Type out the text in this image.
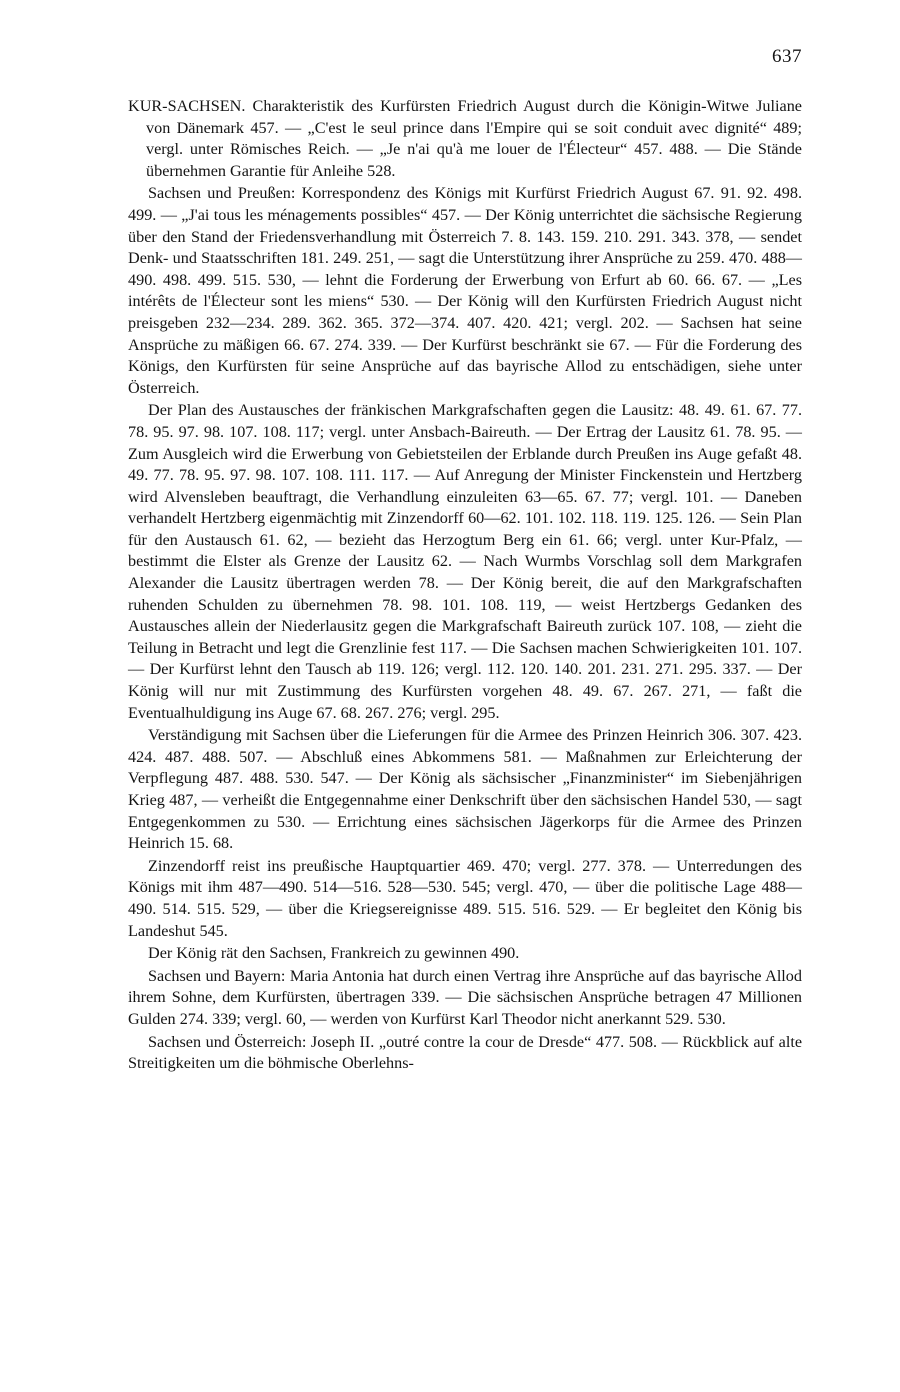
637

KUR-SACHSEN. Charakteristik des Kurfürsten Friedrich August durch die Königin-Witwe Juliane von Dänemark 457. — „C'est le seul prince dans l'Empire qui se soit conduit avec dignité“ 489; vergl. unter Römisches Reich. — „Je n'ai qu'à me louer de l'Électeur“ 457. 488. — Die Stände übernehmen Garantie für Anleihe 528.

Sachsen und Preußen: Korrespondenz des Königs mit Kurfürst Friedrich August 67. 91. 92. 498. 499. — „J'ai tous les ménagements possibles“ 457. — Der König unterrichtet die sächsische Regierung über den Stand der Friedensverhandlung mit Österreich 7. 8. 143. 159. 210. 291. 343. 378, — sendet Denk- und Staatsschriften 181. 249. 251, — sagt die Unterstützung ihrer Ansprüche zu 259. 470. 488—490. 498. 499. 515. 530, — lehnt die Forderung der Erwerbung von Erfurt ab 60. 66. 67. — „Les intérêts de l'Électeur sont les miens“ 530. — Der König will den Kurfürsten Friedrich August nicht preisgeben 232—234. 289. 362. 365. 372—374. 407. 420. 421; vergl. 202. — Sachsen hat seine Ansprüche zu mäßigen 66. 67. 274. 339. — Der Kurfürst beschränkt sie 67. — Für die Forderung des Königs, den Kurfürsten für seine Ansprüche auf das bayrische Allod zu entschädigen, siehe unter Österreich.

Der Plan des Austausches der fränkischen Markgrafschaften gegen die Lausitz: 48. 49. 61. 67. 77. 78. 95. 97. 98. 107. 108. 117; vergl. unter Ansbach-Baireuth. — Der Ertrag der Lausitz 61. 78. 95. — Zum Ausgleich wird die Erwerbung von Gebietsteilen der Erblande durch Preußen ins Auge gefaßt 48. 49. 77. 78. 95. 97. 98. 107. 108. 111. 117. — Auf Anregung der Minister Finckenstein und Hertzberg wird Alvensleben beauftragt, die Verhandlung einzuleiten 63—65. 67. 77; vergl. 101. — Daneben verhandelt Hertzberg eigenmächtig mit Zinzendorff 60—62. 101. 102. 118. 119. 125. 126. — Sein Plan für den Austausch 61. 62, — bezieht das Herzogtum Berg ein 61. 66; vergl. unter Kur-Pfalz, — bestimmt die Elster als Grenze der Lausitz 62. — Nach Wurmbs Vorschlag soll dem Markgrafen Alexander die Lausitz übertragen werden 78. — Der König bereit, die auf den Markgrafschaften ruhenden Schulden zu übernehmen 78. 98. 101. 108. 119, — weist Hertzbergs Gedanken des Austausches allein der Niederlausitz gegen die Markgrafschaft Baireuth zurück 107. 108, — zieht die Teilung in Betracht und legt die Grenzlinie fest 117. — Die Sachsen machen Schwierigkeiten 101. 107. — Der Kurfürst lehnt den Tausch ab 119. 126; vergl. 112. 120. 140. 201. 231. 271. 295. 337. — Der König will nur mit Zustimmung des Kurfürsten vorgehen 48. 49. 67. 267. 271, — faßt die Eventualhuldigung ins Auge 67. 68. 267. 276; vergl. 295.

Verständigung mit Sachsen über die Lieferungen für die Armee des Prinzen Heinrich 306. 307. 423. 424. 487. 488. 507. — Abschluß eines Abkommens 581. — Maßnahmen zur Erleichterung der Verpflegung 487. 488. 530. 547. — Der König als sächsischer „Finanzminister“ im Siebenjährigen Krieg 487, — verheißt die Entgegennahme einer Denkschrift über den sächsischen Handel 530, — sagt Entgegenkommen zu 530. — Errichtung eines sächsischen Jägerkorps für die Armee des Prinzen Heinrich 15. 68.

Zinzendorff reist ins preußische Hauptquartier 469. 470; vergl. 277. 378. — Unterredungen des Königs mit ihm 487—490. 514—516. 528—530. 545; vergl. 470, — über die politische Lage 488—490. 514. 515. 529, — über die Kriegsereignisse 489. 515. 516. 529. — Er begleitet den König bis Landeshut 545.

Der König rät den Sachsen, Frankreich zu gewinnen 490.

Sachsen und Bayern: Maria Antonia hat durch einen Vertrag ihre Ansprüche auf das bayrische Allod ihrem Sohne, dem Kurfürsten, übertragen 339. — Die sächsischen Ansprüche betragen 47 Millionen Gulden 274. 339; vergl. 60, — werden von Kurfürst Karl Theodor nicht anerkannt 529. 530.

Sachsen und Österreich: Joseph II. „outré contre la cour de Dresde“ 477. 508. — Rückblick auf alte Streitigkeiten um die böhmische Oberlehns-
